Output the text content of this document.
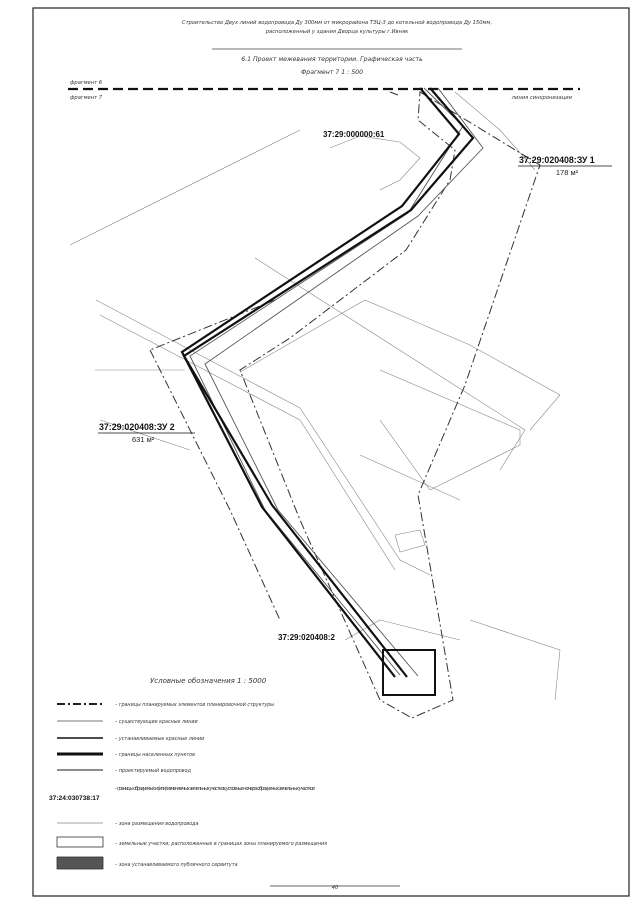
Строительство Двух линий водопровода Ду 300мм от микрорайона ТЭЦ-3 до котельной водопровода Ду 150мм,
расположенный у здания Дворца культуры г.Ивняк
6.1 Проект межевания территории. Графическая часть
Фрагмент 7 1 : 500
фрагмент 6
фрагмент 7	линия синхронизации
37:29:000000:61
37:29:020408:ЗУ 1
178 м²
37:29:020408:ЗУ 2
631 м²
37:29:020408:2
Условные обозначения 1 : 5000
– границы планируемых элементов планировочной структуры
– существующие красные линии
– устанавливаемые красные линии
– границы населенных пунктов
– проектируемый водопровод
37:24:030738:17
– границы образуемых и (или) изменяемых земельных участков, условные номера образуемых земельных участков
– зона размещения водопровода
– земельные участки, расположенные в границах зоны планируемого размещения
– зона устанавливаемого публичного сервитута
40
